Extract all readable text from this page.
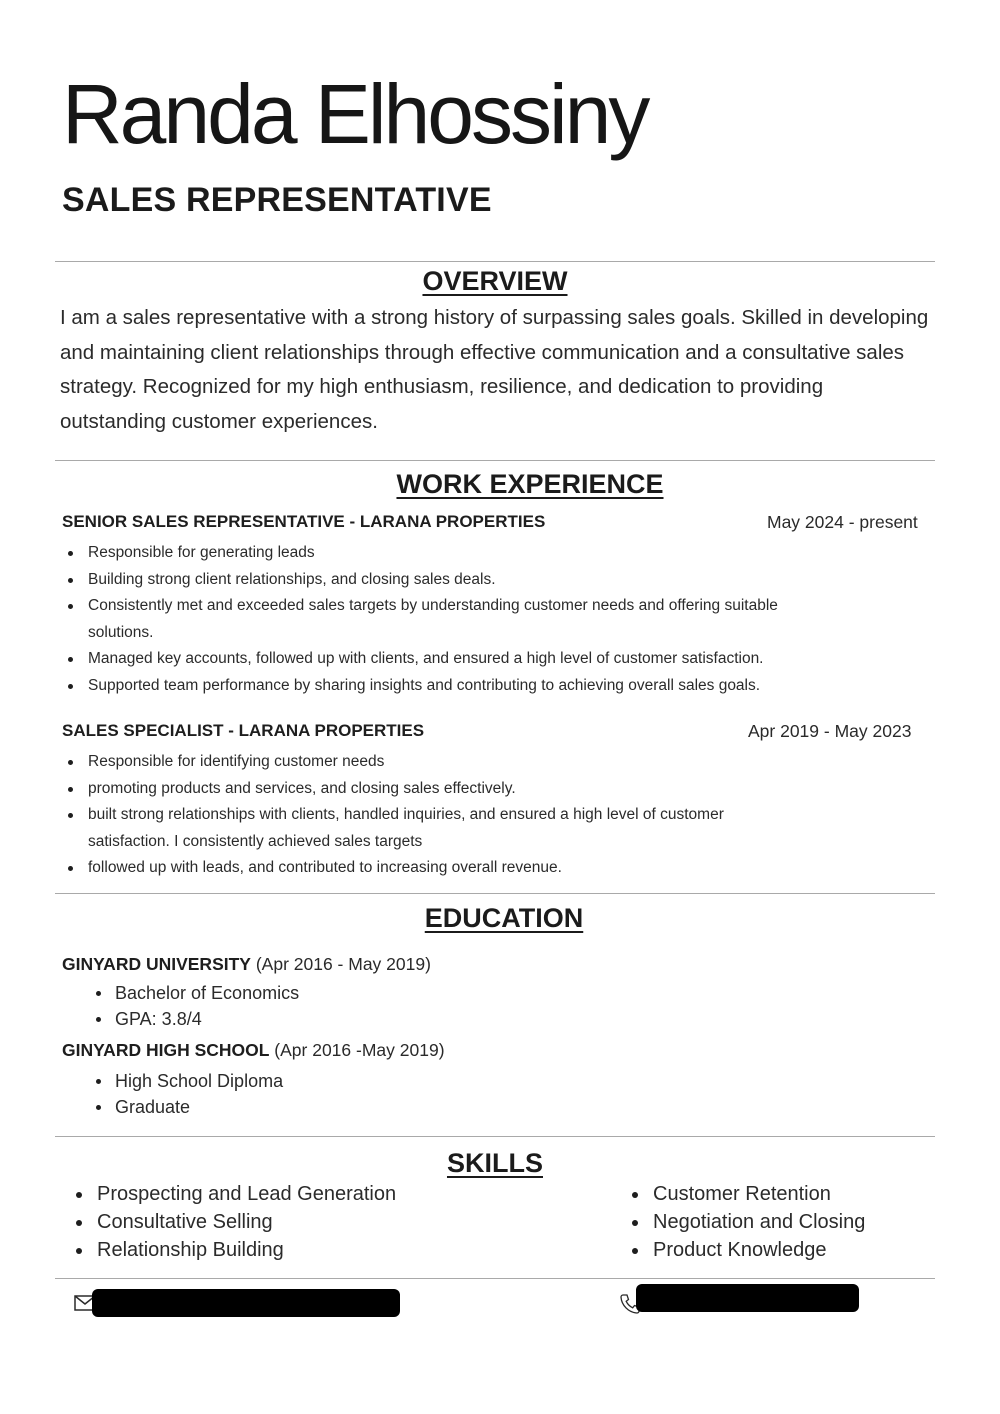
Randa Elhossiny
SALES REPRESENTATIVE
OVERVIEW
I am a sales representative with a strong history of surpassing sales goals. Skilled in developing
and maintaining client relationships through effective communication and a consultative sales
strategy. Recognized for my high enthusiasm, resilience, and dedication to providing
outstanding customer experiences.
WORK EXPERIENCE
SENIOR SALES REPRESENTATIVE - LARANA PROPERTIES	May 2024 - present
Responsible for generating leads
Building strong client relationships, and closing sales deals.
Consistently met and exceeded sales targets by understanding customer needs and offering suitable
solutions.
Managed key accounts, followed up with clients, and ensured a high level of customer satisfaction.
Supported team performance by sharing insights and contributing to achieving overall sales goals.
SALES SPECIALIST - LARANA PROPERTIES	Apr 2019 - May 2023
Responsible for identifying customer needs
promoting products and services, and closing sales effectively.
built strong relationships with clients, handled inquiries, and ensured a high level of customer
satisfaction. I consistently achieved sales targets
followed up with leads, and contributed to increasing overall revenue.
EDUCATION
GINYARD UNIVERSITY (Apr 2016 - May 2019)
Bachelor of Economics
GPA: 3.8/4
GINYARD HIGH SCHOOL (Apr 2016 -May 2019)
High School Diploma
Graduate
SKILLS
Prospecting and Lead Generation
Consultative Selling
Relationship Building
Customer Retention
Negotiation and Closing
Product Knowledge
